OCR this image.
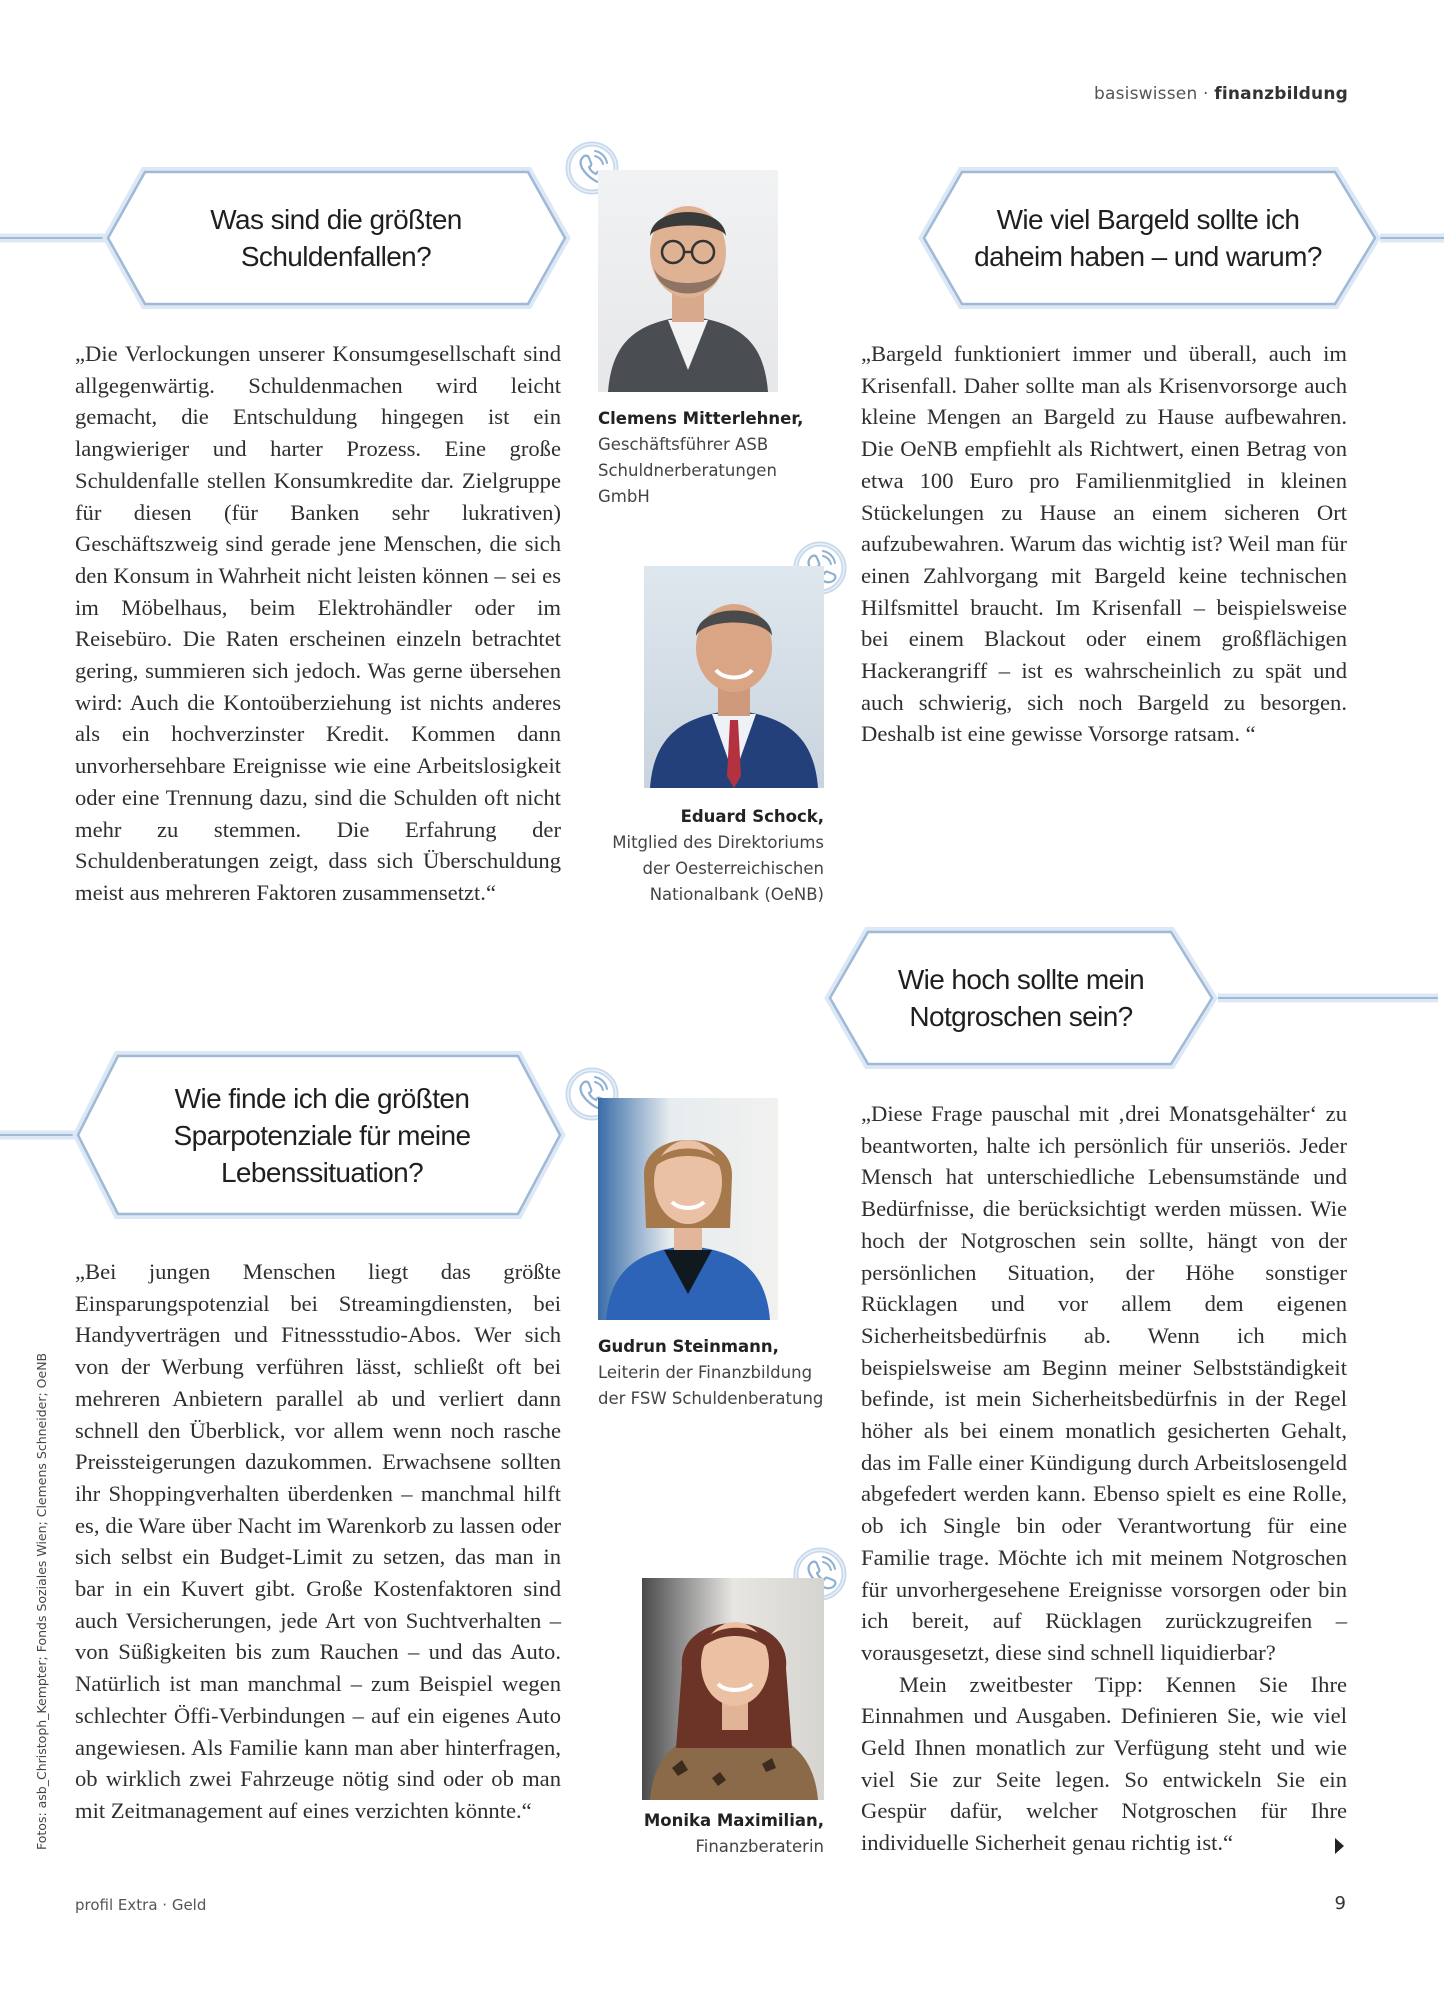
basiswissen · finanzbildung
Was sind die größten
Schuldenfallen?
Wie viel Bargeld sollte ich
daheim haben – und warum?
Wie hoch sollte mein
Notgroschen sein?
Wie finde ich die größten
Sparpotenziale für meine
Lebenssituation?

„Die Verlockungen unserer Konsumgesellschaft sind allgegenwärtig. Schuldenmachen wird leicht gemacht, die Entschuldung hingegen ist ein langwieriger und harter Prozess. Eine große Schuldenfalle stellen Konsumkredite dar. Zielgruppe für diesen (für Banken sehr lukrativen) Geschäftszweig sind gerade jene Menschen, die sich den Konsum in Wahrheit nicht leisten können – sei es im Möbelhaus, beim Elektrohändler oder im Reisebüro. Die Raten erscheinen einzeln betrachtet gering, summieren sich jedoch. Was gerne übersehen wird: Auch die Kontoüberziehung ist nichts anderes als ein hochverzinster Kredit. Kommen dann unvorhersehbare Ereignisse wie eine Arbeitslosigkeit oder eine Trennung dazu, sind die Schulden oft nicht mehr zu stemmen. Die Erfahrung der Schuldenberatungen zeigt, dass sich Überschuldung meist aus mehreren Faktoren zusammensetzt.“

„Bargeld funktioniert immer und überall, auch im Krisenfall. Daher sollte man als Krisenvorsorge auch kleine Mengen an Bargeld zu Hause aufbewahren. Die OeNB empfiehlt als Richtwert, einen Betrag von etwa 100 Euro pro Familienmitglied in kleinen Stückelungen zu Hause an einem sicheren Ort aufzubewahren. Warum das wichtig ist? Weil man für einen Zahlvorgang mit Bargeld keine technischen Hilfsmittel braucht. Im Krisenfall – beispielsweise bei einem Blackout oder einem großflächigen Hackerangriff – ist es wahrscheinlich zu spät und auch schwierig, sich noch Bargeld zu besorgen. Deshalb ist eine gewisse Vorsorge ratsam. “

„Bei jungen Menschen liegt das größte Einsparungspotenzial bei Streamingdiensten, bei Handyverträgen und Fitnessstudio-Abos. Wer sich von der Werbung verführen lässt, schließt oft bei mehreren Anbietern parallel ab und verliert dann schnell den Überblick, vor allem wenn noch rasche Preissteigerungen dazukommen. Erwachsene sollten ihr Shoppingverhalten überdenken – manchmal hilft es, die Ware über Nacht im Warenkorb zu lassen oder sich selbst ein Budget-Limit zu setzen, das man in bar in ein Kuvert gibt. Große Kostenfaktoren sind auch Versicherungen, jede Art von Suchtverhalten – von Süßigkeiten bis zum Rauchen – und das Auto. Natürlich ist man manchmal – zum Beispiel wegen schlechter Öffi-Verbindungen – auf ein eigenes Auto angewiesen. Als Familie kann man aber hinterfragen, ob wirklich zwei Fahrzeuge nötig sind oder ob man mit Zeitmanagement auf eines verzichten könnte.“

„Diese Frage pauschal mit ‚drei Monatsgehälter‘ zu beantworten, halte ich persönlich für unseriös. Jeder Mensch hat unterschiedliche Lebensumstände und Bedürfnisse, die berücksichtigt werden müssen. Wie hoch der Notgroschen sein sollte, hängt von der persönlichen Situation, der Höhe sonstiger Rücklagen und vor allem dem eigenen Sicherheitsbedürfnis ab. Wenn ich mich beispielsweise am Beginn meiner Selbstständigkeit befinde, ist mein Sicherheitsbedürfnis in der Regel höher als bei einem monatlich gesicherten Gehalt, das im Falle einer Kündigung durch Arbeitslosengeld abgefedert werden kann. Ebenso spielt es eine Rolle, ob ich Single bin oder Verantwortung für eine Familie trage. Möchte ich mit meinem Notgroschen für unvorhergesehene Ereignisse vorsorgen oder bin ich bereit, auf Rücklagen zurückzugreifen – vorausgesetzt, diese sind schnell liquidierbar?

Mein zweitbester Tipp: Kennen Sie Ihre Einnahmen und Ausgaben. Definieren Sie, wie viel Geld Ihnen monatlich zur Verfügung steht und wie viel Sie zur Seite legen. So entwickeln Sie ein Gespür dafür, welcher Notgroschen für Ihre individuelle Sicherheit genau richtig ist.“

Clemens Mitterlehner,
Geschäftsführer ASB
Schuldnerberatungen
GmbH
Eduard Schock,
Mitglied des Direktoriums
der Oesterreichischen
Nationalbank (OeNB)
Gudrun Steinmann,
Leiterin der Finanzbildung
der FSW Schuldenberatung
Monika Maximilian,
Finanzberaterin
Fotos: asb_Christoph_Kempter; Fonds Soziales Wien; Clemens Schneider; OeNB
profil Extra · Geld	9
